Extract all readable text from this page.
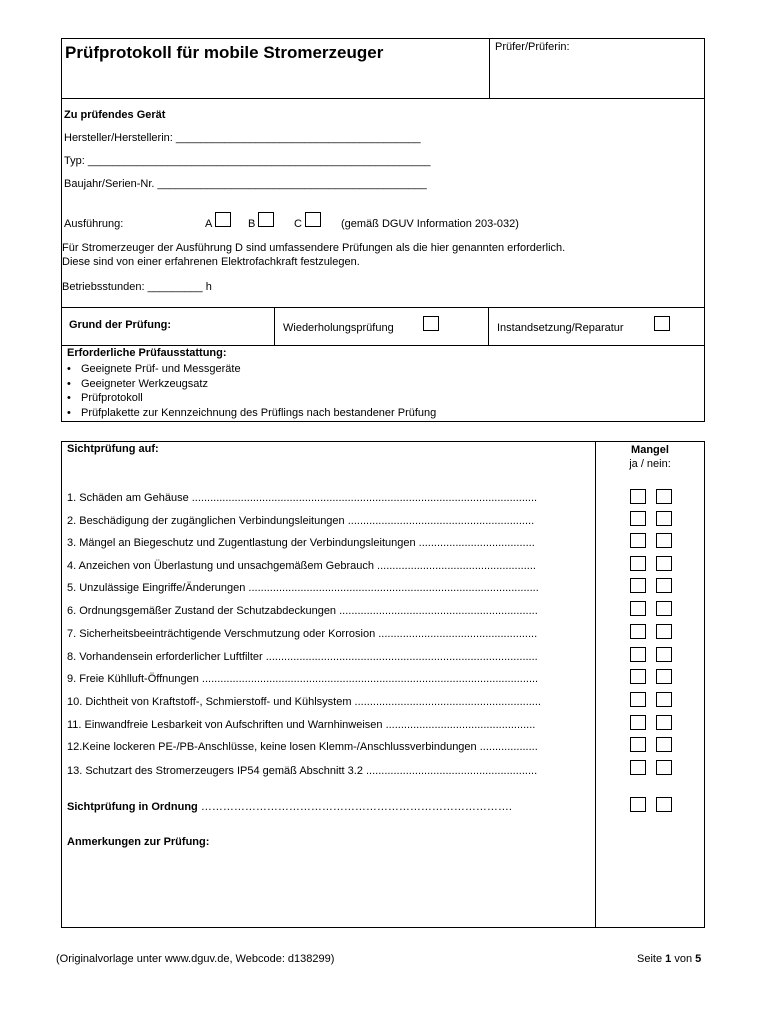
Prüfprotokoll für mobile Stromerzeuger	Prüfer/Prüferin:
Zu prüfendes Gerät
Hersteller/Herstellerin: ________________________________________
Typ: ________________________________________________________
Baujahr/Serien-Nr. ____________________________________________
Ausführung:	A	B	C	(gemäß DGUV Information 203-032)
Für Stromerzeuger der Ausführung D sind umfassendere Prüfungen als die hier genannten erforderlich.
Diese sind von einer erfahrenen Elektrofachkraft festzulegen.
Betriebsstunden: _________ h
Grund der Prüfung:	Wiederholungsprüfung	Instandsetzung/Reparatur
Erforderliche Prüfausstattung:
• Geeignete Prüf- und Messgeräte
• Geeigneter Werkzeugsatz
• Prüfprotokoll
• Prüfplakette zur Kennzeichnung des Prüflings nach bestandener Prüfung
Sichtprüfung auf:	Mangel
ja / nein:
1. Schäden am Gehäuse .................................................................................................................
2. Beschädigung der zugänglichen Verbindungsleitungen .............................................................
3. Mängel an Biegeschutz und Zugentlastung der Verbindungsleitungen ......................................
4. Anzeichen von Überlastung und unsachgemäßem Gebrauch ....................................................
5. Unzulässige Eingriffe/Änderungen ...............................................................................................
6. Ordnungsgemäßer Zustand der Schutzabdeckungen .................................................................
7. Sicherheitsbeeinträchtigende Verschmutzung oder Korrosion ....................................................
8. Vorhandensein erforderlicher Luftfilter .........................................................................................
9. Freie Kühlluft-Öffnungen ..............................................................................................................
10. Dichtheit von Kraftstoff-, Schmierstoff- und Kühlsystem .............................................................
11. Einwandfreie Lesbarkeit von Aufschriften und Warnhinweisen .................................................
12.Keine lockeren PE-/PB-Anschlüsse, keine losen Klemm-/Anschlussverbindungen ...................
13. Schutzart des Stromerzeugers IP54 gemäß Abschnitt 3.2 ........................................................
Sichtprüfung in Ordnung ………………………………………………………………………….
Anmerkungen zur Prüfung:
(Originalvorlage unter www.dguv.de, Webcode: d138299)	Seite 1 von 5
